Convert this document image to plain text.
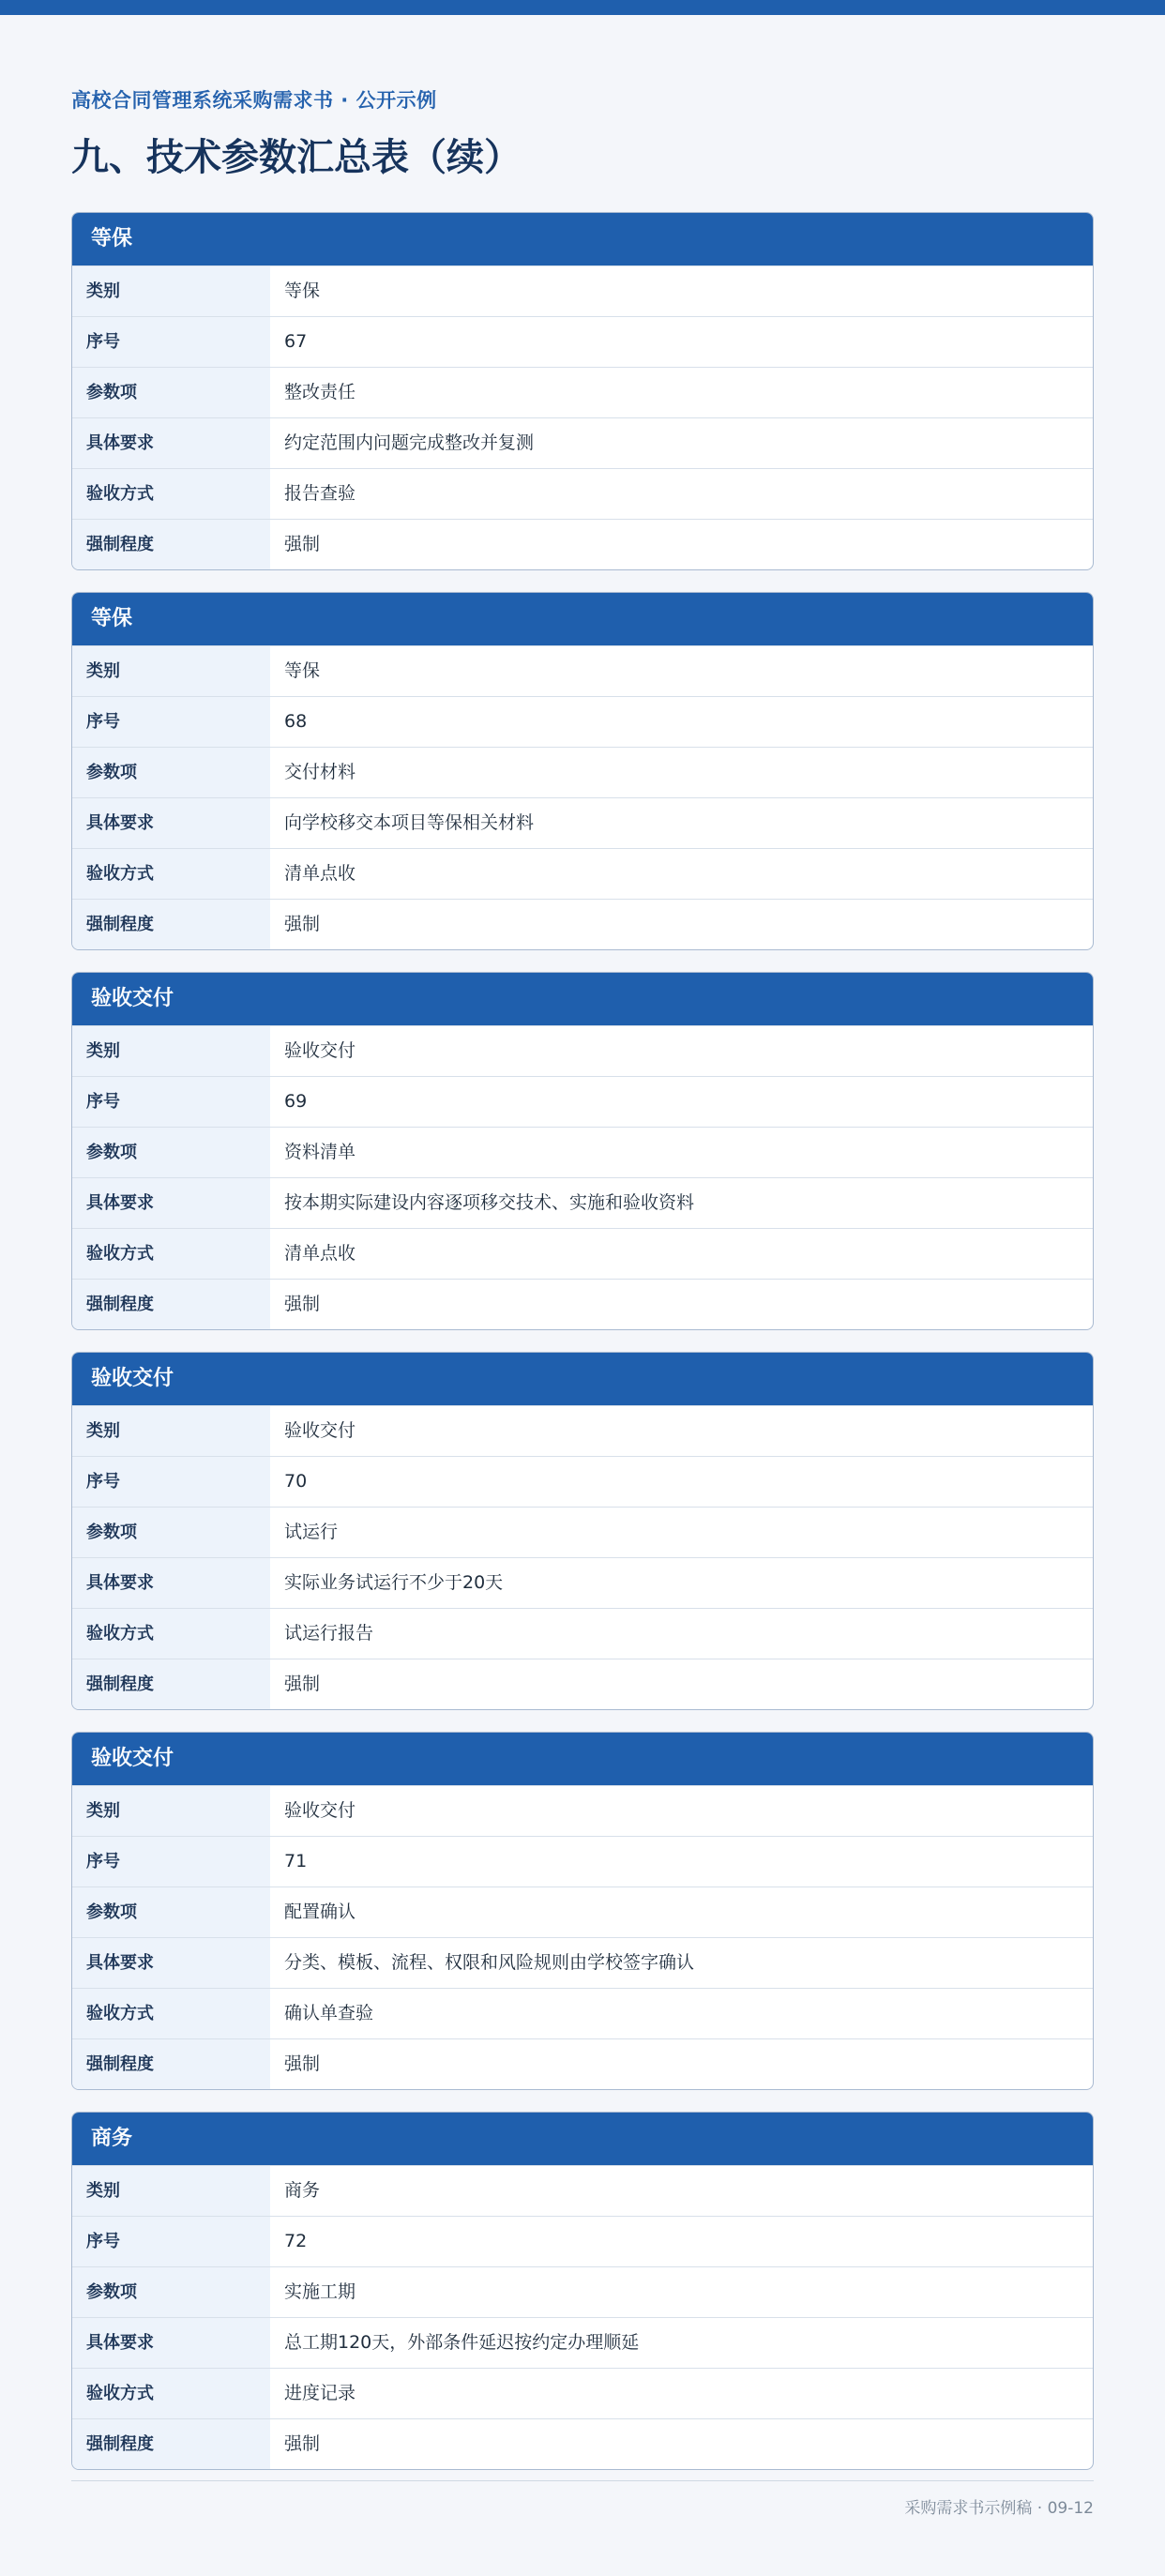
高校合同管理系统采购需求书 · 公开示例
九、技术参数汇总表（续）
等保
类别	等保
序号	67
参数项	整改责任
具体要求	约定范围内问题完成整改并复测
验收方式	报告查验
强制程度	强制
等保
类别	等保
序号	68
参数项	交付材料
具体要求	向学校移交本项目等保相关材料
验收方式	清单点收
强制程度	强制
验收交付
类别	验收交付
序号	69
参数项	资料清单
具体要求	按本期实际建设内容逐项移交技术、实施和验收资料
验收方式	清单点收
强制程度	强制
验收交付
类别	验收交付
序号	70
参数项	试运行
具体要求	实际业务试运行不少于20天
验收方式	试运行报告
强制程度	强制
验收交付
类别	验收交付
序号	71
参数项	配置确认
具体要求	分类、模板、流程、权限和风险规则由学校签字确认
验收方式	确认单查验
强制程度	强制
商务
类别	商务
序号	72
参数项	实施工期
具体要求	总工期120天，外部条件延迟按约定办理顺延
验收方式	进度记录
强制程度	强制
采购需求书示例稿 · 09-12
